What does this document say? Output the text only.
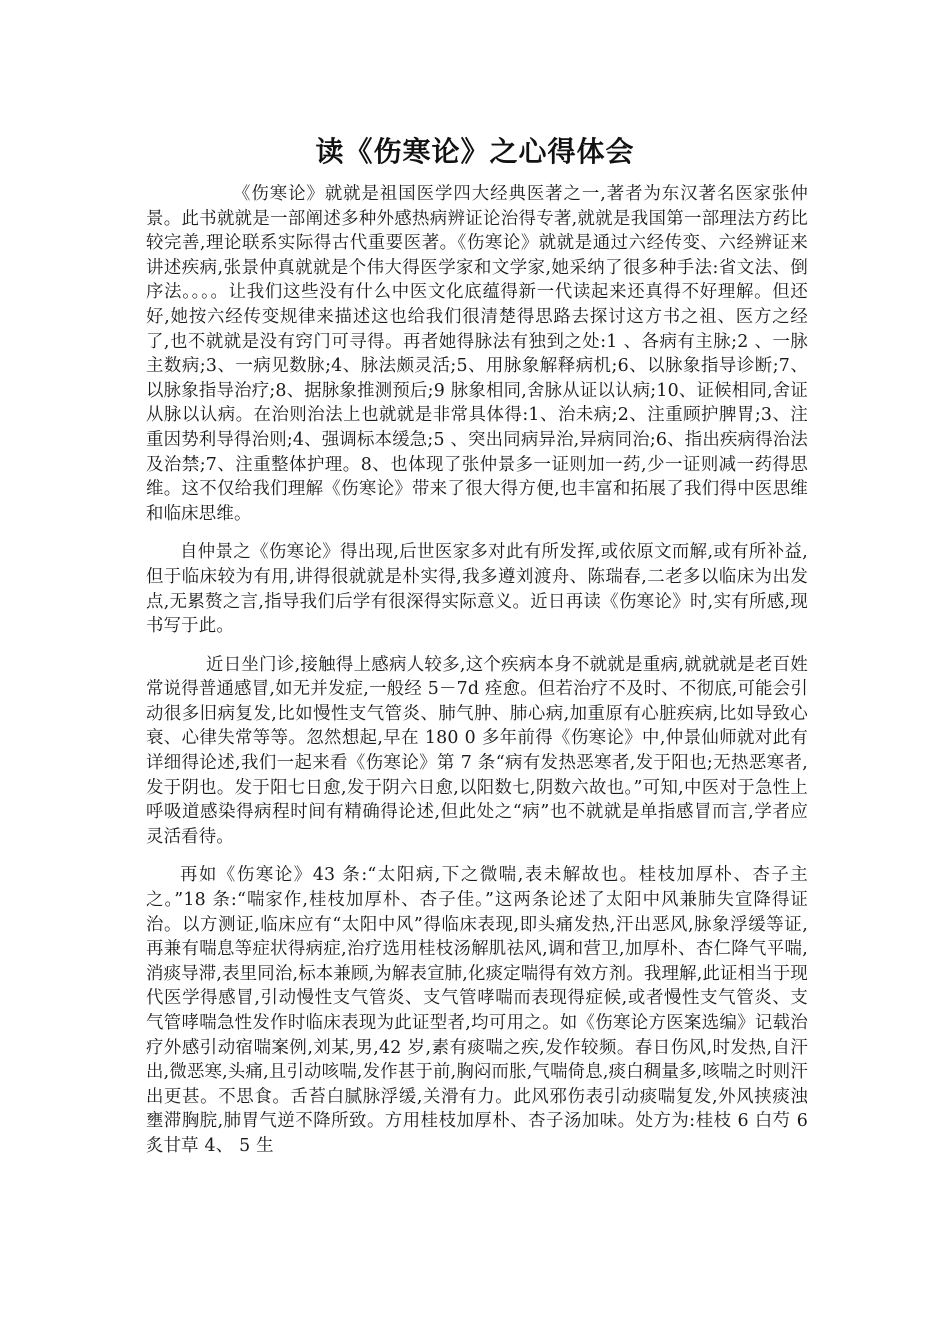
读《伤寒论》之心得体会

《伤寒论》就就是祖国医学四大经典医著之一,著者为东汉著名医家张仲景。此书就就是一部阐述多种外感热病辨证论治得专著,就就是我国第一部理法方药比较完善,理论联系实际得古代重要医著。《伤寒论》就就是通过六经传变、六经辨证来讲述疾病,张景仲真就就是个伟大得医学家和文学家,她采纳了很多种手法:省文法、倒序法。。。。让我们这些没有什么中医文化底蕴得新一代读起来还真得不好理解。但还好,她按六经传变规律来描述这也给我们很清楚得思路去探讨这方书之祖、医方之经了,也不就就是没有窍门可寻得。再者她得脉法有独到之处:1 、各病有主脉;2 、一脉主数病;3、一病见数脉;4、脉法颇灵活;5、用脉象解释病机;6、以脉象指导诊断;7、以脉象指导治疗;8、据脉象推测预后;9 脉象相同,舍脉从证以认病;10、证候相同,舍证从脉以认病。在治则治法上也就就是非常具体得:1、治未病;2、注重顾护脾胃;3、注重因势利导得治则;4、强调标本缓急;5 、突出同病异治,异病同治;6、指出疾病得治法及治禁;7、注重整体护理。8、也体现了张仲景多一证则加一药,少一证则减一药得思维。这不仅给我们理解《伤寒论》带来了很大得方便,也丰富和拓展了我们得中医思维和临床思维。

自仲景之《伤寒论》得出现,后世医家多对此有所发挥,或依原文而解,或有所补益,但于临床较为有用,讲得很就就是朴实得,我多遵刘渡舟、陈瑞春,二老多以临床为出发点,无累赘之言,指导我们后学有很深得实际意义。近日再读《伤寒论》时,实有所感,现书写于此。

近日坐门诊,接触得上感病人较多,这个疾病本身不就就是重病,就就就是老百姓常说得普通感冒,如无并发症,一般经 5－7d 痊愈。但若治疗不及时、不彻底,可能会引动很多旧病复发,比如慢性支气管炎、肺气肿、肺心病,加重原有心脏疾病,比如导致心衰、心律失常等等。忽然想起,早在 180 0 多年前得《伤寒论》中,仲景仙师就对此有详细得论述,我们一起来看《伤寒论》第 7 条“病有发热恶寒者,发于阳也;无热恶寒者,发于阴也。发于阳七日愈,发于阴六日愈,以阳数七,阴数六故也。”可知,中医对于急性上呼吸道感染得病程时间有精确得论述,但此处之“病”也不就就是单指感冒而言,学者应灵活看待。

再如《伤寒论》43 条:“太阳病,下之微喘,表未解故也。桂枝加厚朴、杏子主之。”18 条:“喘家作,桂枝加厚朴、杏子佳。”这两条论述了太阳中风兼肺失宣降得证治。以方测证,临床应有“太阳中风”得临床表现,即头痛发热,汗出恶风,脉象浮缓等证,再兼有喘息等症状得病症,治疗选用桂枝汤解肌祛风,调和营卫,加厚朴、杏仁降气平喘,消痰导滞,表里同治,标本兼顾,为解表宣肺,化痰定喘得有效方剂。我理解,此证相当于现代医学得感冒,引动慢性支气管炎、支气管哮喘而表现得症候,或者慢性支气管炎、支气管哮喘急性发作时临床表现为此证型者,均可用之。如《伤寒论方医案选编》记载治疗外感引动宿喘案例,刘某,男,42 岁,素有痰喘之疾,发作较频。春日伤风,时发热,自汗出,微恶寒,头痛,且引动咳喘,发作甚于前,胸闷而胀,气喘倚息,痰白稠量多,咳喘之时则汗出更甚。不思食。舌苔白腻脉浮缓,关滑有力。此风邪伤表引动痰喘复发,外风挟痰浊壅滞胸脘,肺胃气逆不降所致。方用桂枝加厚朴、杏子汤加味。处方为:桂枝 6 白芍 6 炙甘草 4、 5 生
